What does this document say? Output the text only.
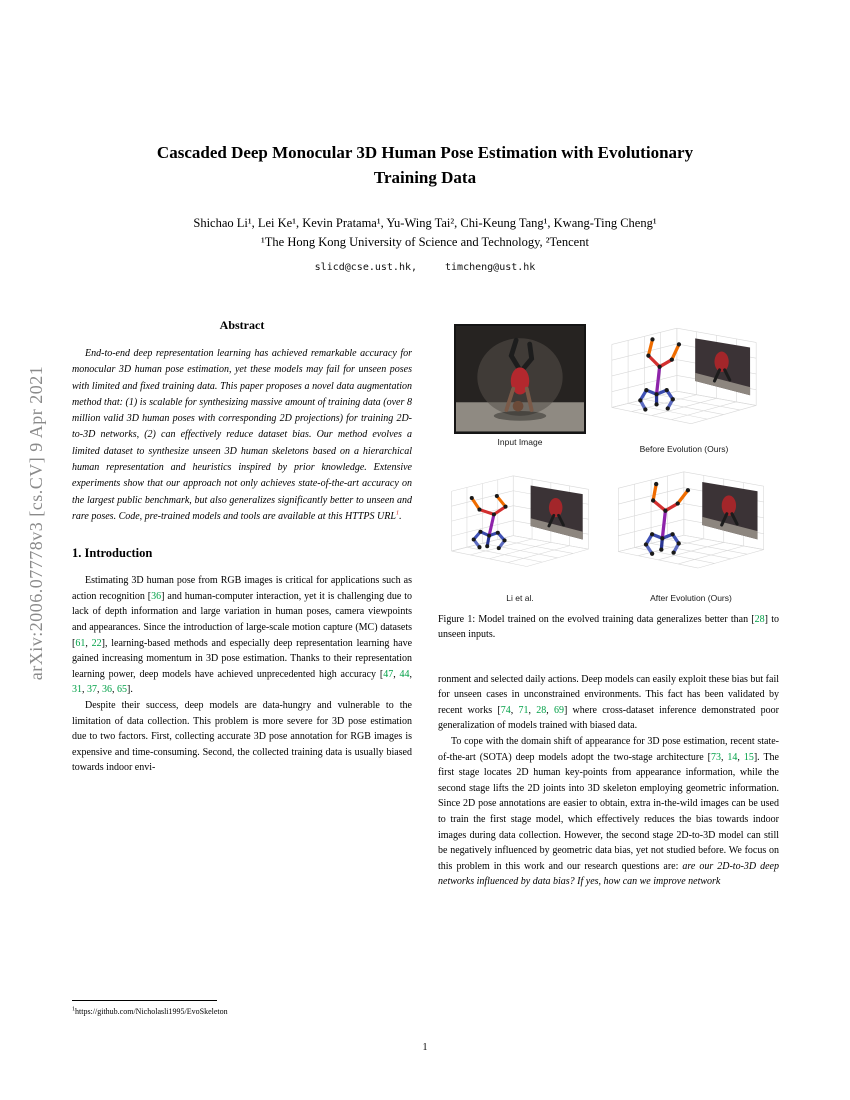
arXiv:2006.07778v3 [cs.CV] 9 Apr 2021
Cascaded Deep Monocular 3D Human Pose Estimation with Evolutionary Training Data
Shichao Li¹, Lei Ke¹, Kevin Pratama¹, Yu-Wing Tai², Chi-Keung Tang¹, Kwang-Ting Cheng¹
¹The Hong Kong University of Science and Technology, ²Tencent
slicd@cse.ust.hk,	timcheng@ust.hk
Abstract

End-to-end deep representation learning has achieved remarkable accuracy for monocular 3D human pose estimation, yet these models may fail for unseen poses with limited and fixed training data. This paper proposes a novel data augmentation method that: (1) is scalable for synthesizing massive amount of training data (over 8 million valid 3D human poses with corresponding 2D projections) for training 2D-to-3D networks, (2) can effectively reduce dataset bias. Our method evolves a limited dataset to synthesize unseen 3D human skeletons based on a hierarchical human representation and heuristics inspired by prior knowledge. Extensive experiments show that our approach not only achieves state-of-the-art accuracy on the largest public benchmark, but also generalizes significantly better to unseen and rare poses. Code, pre-trained models and tools are available at this HTTPS URL$^1$.

1. Introduction

Estimating 3D human pose from RGB images is critical for applications such as action recognition [36] and human-computer interaction, yet it is challenging due to lack of depth information and large variation in human poses, camera viewpoints and appearances. Since the introduction of large-scale motion capture (MC) datasets [61, 22], learning-based methods and especially deep representation learning have gained increasing momentum in 3D pose estimation. Thanks to their representation learning power, deep models have achieved unprecedented high accuracy [47, 44, 31, 37, 36, 65].

Despite their success, deep models are data-hungry and vulnerable to the limitation of data collection. This problem is more severe for 3D pose estimation due to two factors. First, collecting accurate 3D pose annotation for RGB images is expensive and time-consuming. Second, the collected training data is usually biased towards indoor envi-

Input Image
Before Evolution (Ours)
Li et al.	After Evolution (Ours)
Figure 1: Model trained on the evolved training data generalizes better than [28] to unseen inputs.

ronment and selected daily actions. Deep models can easily exploit these bias but fail for unseen cases in unconstrained environments. This fact has been validated by recent works [74, 71, 28, 69] where cross-dataset inference demonstrated poor generalization of models trained with biased data.

To cope with the domain shift of appearance for 3D pose estimation, recent state-of-the-art (SOTA) deep models adopt the two-stage architecture [73, 14, 15]. The first stage locates 2D human key-points from appearance information, while the second stage lifts the 2D joints into 3D skeleton employing geometric information. Since 2D pose annotations are easier to obtain, extra in-the-wild images can be used to train the first stage model, which effectively reduces the bias towards indoor images during data collection. However, the second stage 2D-to-3D model can still be negatively influenced by geometric data bias, yet not studied before. We focus on this problem in this work and our research questions are: are our 2D-to-3D deep networks influenced by data bias? If yes, how can we improve network

$^1$https://github.com/Nicholasli1995/EvoSkeleton
1
